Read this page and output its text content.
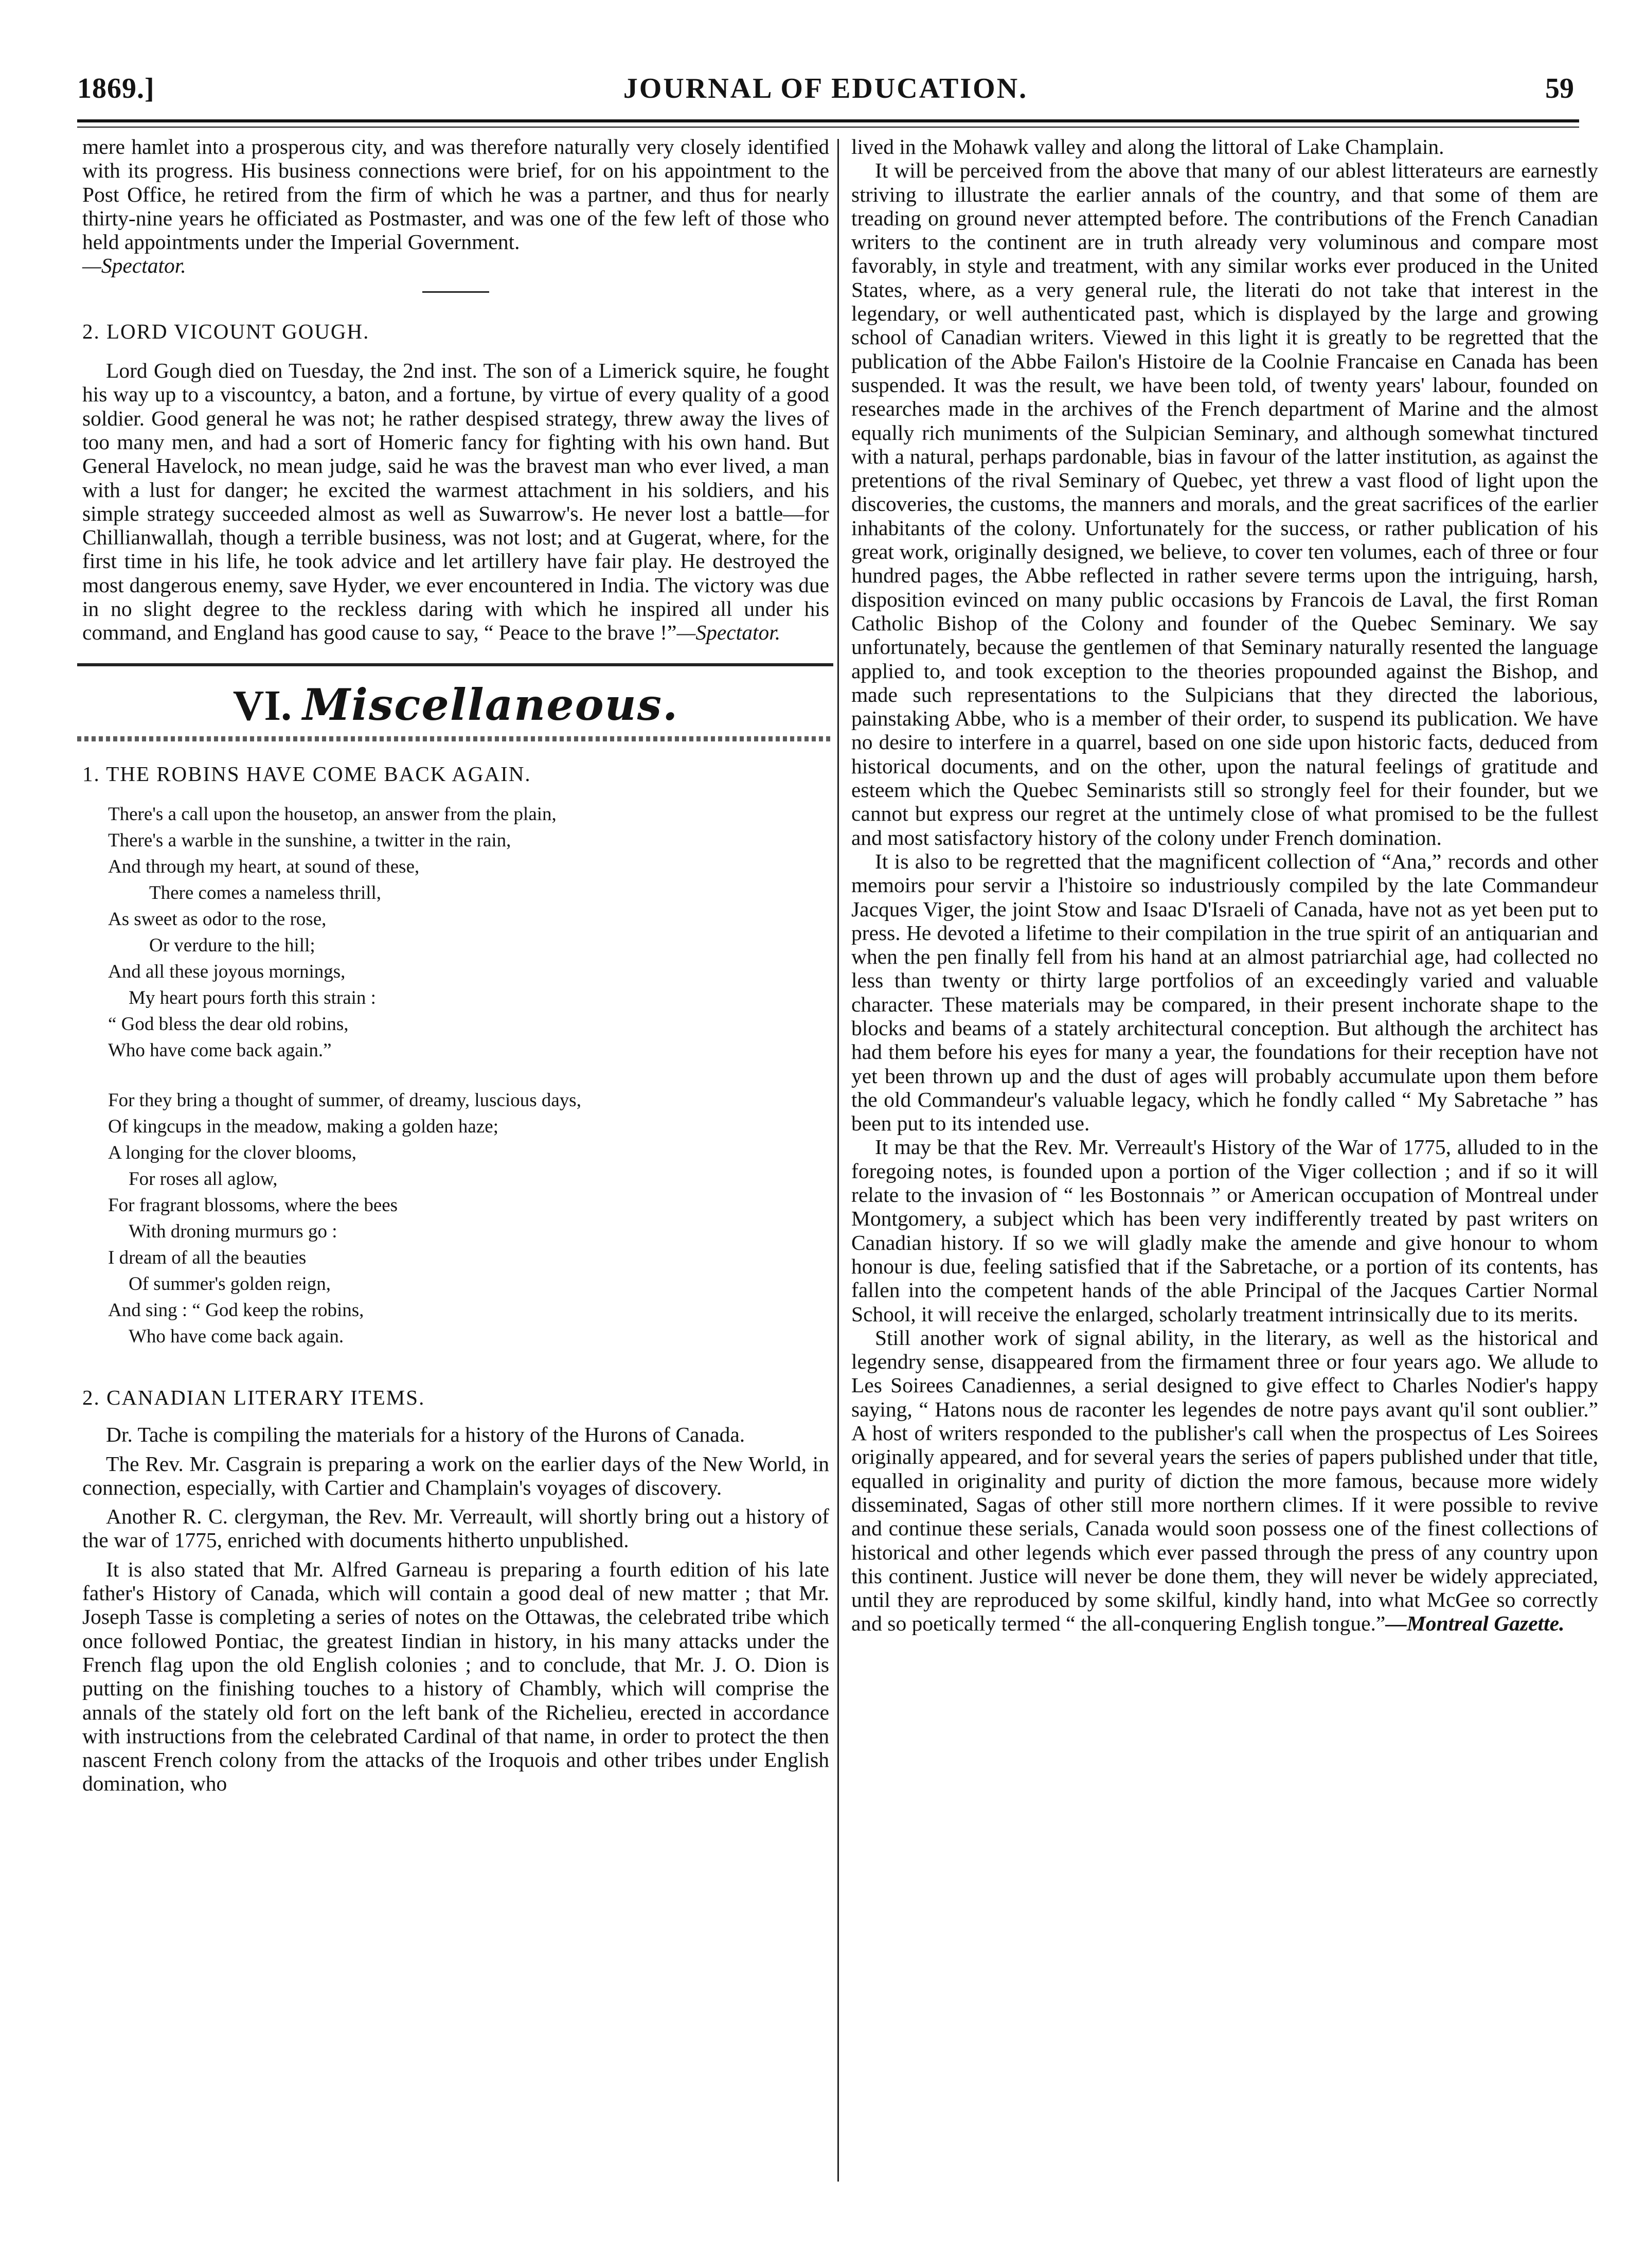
1869.]	JOURNAL OF EDUCATION.	59

mere hamlet into a prosperous city, and was therefore naturally very closely identified with its progress. His business connections were brief, for on his appointment to the Post Office, he retired from the firm of which he was a partner, and thus for nearly thirty-nine years he officiated as Postmaster, and was one of the few left of those who held appointments under the Imperial Government.

—Spectator.

2. LORD VICOUNT GOUGH.

Lord Gough died on Tuesday, the 2nd inst. The son of a Limerick squire, he fought his way up to a viscountcy, a baton, and a fortune, by virtue of every quality of a good soldier. Good general he was not; he rather despised strategy, threw away the lives of too many men, and had a sort of Homeric fancy for fighting with his own hand. But General Havelock, no mean judge, said he was the bravest man who ever lived, a man with a lust for danger; he excited the warmest attachment in his soldiers, and his simple strategy succeeded almost as well as Suwarrow's. He never lost a battle—for Chillianwallah, though a terrible business, was not lost; and at Gugerat, where, for the first time in his life, he took advice and let artillery have fair play. He destroyed the most dangerous enemy, save Hyder, we ever encountered in India. The victory was due in no slight degree to the reckless daring with which he inspired all under his command, and England has good cause to say, “ Peace to the brave !”—Spectator.

VI. Miscellaneous.

1. THE ROBINS HAVE COME BACK AGAIN.

There's a call upon the housetop, an answer from the plain,
There's a warble in the sunshine, a twitter in the rain,
And through my heart, at sound of these,
There comes a nameless thrill,
As sweet as odor to the rose,
Or verdure to the hill;
And all these joyous mornings,
My heart pours forth this strain :
“ God bless the dear old robins,
Who have come back again.”
For they bring a thought of summer, of dreamy, luscious days,
Of kingcups in the meadow, making a golden haze;
A longing for the clover blooms,
For roses all aglow,
For fragrant blossoms, where the bees
With droning murmurs go :
I dream of all the beauties
Of summer's golden reign,
And sing : “ God keep the robins,
Who have come back again.

2. CANADIAN LITERARY ITEMS.

Dr. Tache is compiling the materials for a history of the Hurons of Canada.

The Rev. Mr. Casgrain is preparing a work on the earlier days of the New World, in connection, especially, with Cartier and Champlain's voyages of discovery.

Another R. C. clergyman, the Rev. Mr. Verreault, will shortly bring out a history of the war of 1775, enriched with documents hitherto unpublished.

It is also stated that Mr. Alfred Garneau is preparing a fourth edition of his late father's History of Canada, which will contain a good deal of new matter ; that Mr. Joseph Tasse is completing a series of notes on the Ottawas, the celebrated tribe which once followed Pontiac, the greatest Iindian in history, in his many attacks under the French flag upon the old English colonies ; and to conclude, that Mr. J. O. Dion is putting on the finishing touches to a history of Chambly, which will comprise the annals of the stately old fort on the left bank of the Richelieu, erected in accordance with instructions from the celebrated Cardinal of that name, in order to protect the then nascent French colony from the attacks of the Iroquois and other tribes under English domination, who

lived in the Mohawk valley and along the littoral of Lake Champlain.

It will be perceived from the above that many of our ablest litterateurs are earnestly striving to illustrate the earlier annals of the country, and that some of them are treading on ground never attempted before. The contributions of the French Canadian writers to the continent are in truth already very voluminous and compare most favorably, in style and treatment, with any similar works ever produced in the United States, where, as a very general rule, the literati do not take that interest in the legendary, or well authenticated past, which is displayed by the large and growing school of Canadian writers. Viewed in this light it is greatly to be regretted that the publication of the Abbe Failon's Histoire de la Coolnie Francaise en Canada has been suspended. It was the result, we have been told, of twenty years' labour, founded on researches made in the archives of the French department of Marine and the almost equally rich muniments of the Sulpician Seminary, and although somewhat tinctured with a natural, perhaps pardonable, bias in favour of the latter institution, as against the pretentions of the rival Seminary of Quebec, yet threw a vast flood of light upon the discoveries, the customs, the manners and morals, and the great sacrifices of the earlier inhabitants of the colony. Unfortunately for the success, or rather publication of his great work, originally designed, we believe, to cover ten volumes, each of three or four hundred pages, the Abbe reflected in rather severe terms upon the intriguing, harsh, disposition evinced on many public occasions by Francois de Laval, the first Roman Catholic Bishop of the Colony and founder of the Quebec Seminary. We say unfortunately, because the gentlemen of that Seminary naturally resented the language applied to, and took exception to the theories propounded against the Bishop, and made such representations to the Sulpicians that they directed the laborious, painstaking Abbe, who is a member of their order, to suspend its publication. We have no desire to interfere in a quarrel, based on one side upon historic facts, deduced from historical documents, and on the other, upon the natural feelings of gratitude and esteem which the Quebec Seminarists still so strongly feel for their founder, but we cannot but express our regret at the untimely close of what promised to be the fullest and most satisfactory history of the colony under French domination.

It is also to be regretted that the magnificent collection of “Ana,” records and other memoirs pour servir a l'histoire so industriously compiled by the late Commandeur Jacques Viger, the joint Stow and Isaac D'Israeli of Canada, have not as yet been put to press. He devoted a lifetime to their compilation in the true spirit of an antiquarian and when the pen finally fell from his hand at an almost patriarchial age, had collected no less than twenty or thirty large portfolios of an exceedingly varied and valuable character. These materials may be compared, in their present inchorate shape to the blocks and beams of a stately architectural conception. But although the architect has had them before his eyes for many a year, the foundations for their reception have not yet been thrown up and the dust of ages will probably accumulate upon them before the old Commandeur's valuable legacy, which he fondly called “ My Sabretache ” has been put to its intended use.

It may be that the Rev. Mr. Verreault's History of the War of 1775, alluded to in the foregoing notes, is founded upon a portion of the Viger collection ; and if so it will relate to the invasion of “ les Bostonnais ” or American occupation of Montreal under Montgomery, a subject which has been very indifferently treated by past writers on Canadian history. If so we will gladly make the amende and give honour to whom honour is due, feeling satisfied that if the Sabretache, or a portion of its contents, has fallen into the competent hands of the able Principal of the Jacques Cartier Normal School, it will receive the enlarged, scholarly treatment intrinsically due to its merits.

Still another work of signal ability, in the literary, as well as the historical and legendry sense, disappeared from the firmament three or four years ago. We allude to Les Soirees Canadiennes, a serial designed to give effect to Charles Nodier's happy saying, “ Hatons nous de raconter les legendes de notre pays avant qu'il sont oublier.” A host of writers responded to the publisher's call when the prospectus of Les Soirees originally appeared, and for several years the series of papers published under that title, equalled in originality and purity of diction the more famous, because more widely disseminated, Sagas of other still more northern climes. If it were possible to revive and continue these serials, Canada would soon possess one of the finest collections of historical and other legends which ever passed through the press of any country upon this continent. Justice will never be done them, they will never be widely appreciated, until they are reproduced by some skilful, kindly hand, into what McGee so correctly and so poetically termed “ the all-conquering English tongue.”—Montreal Gazette.
